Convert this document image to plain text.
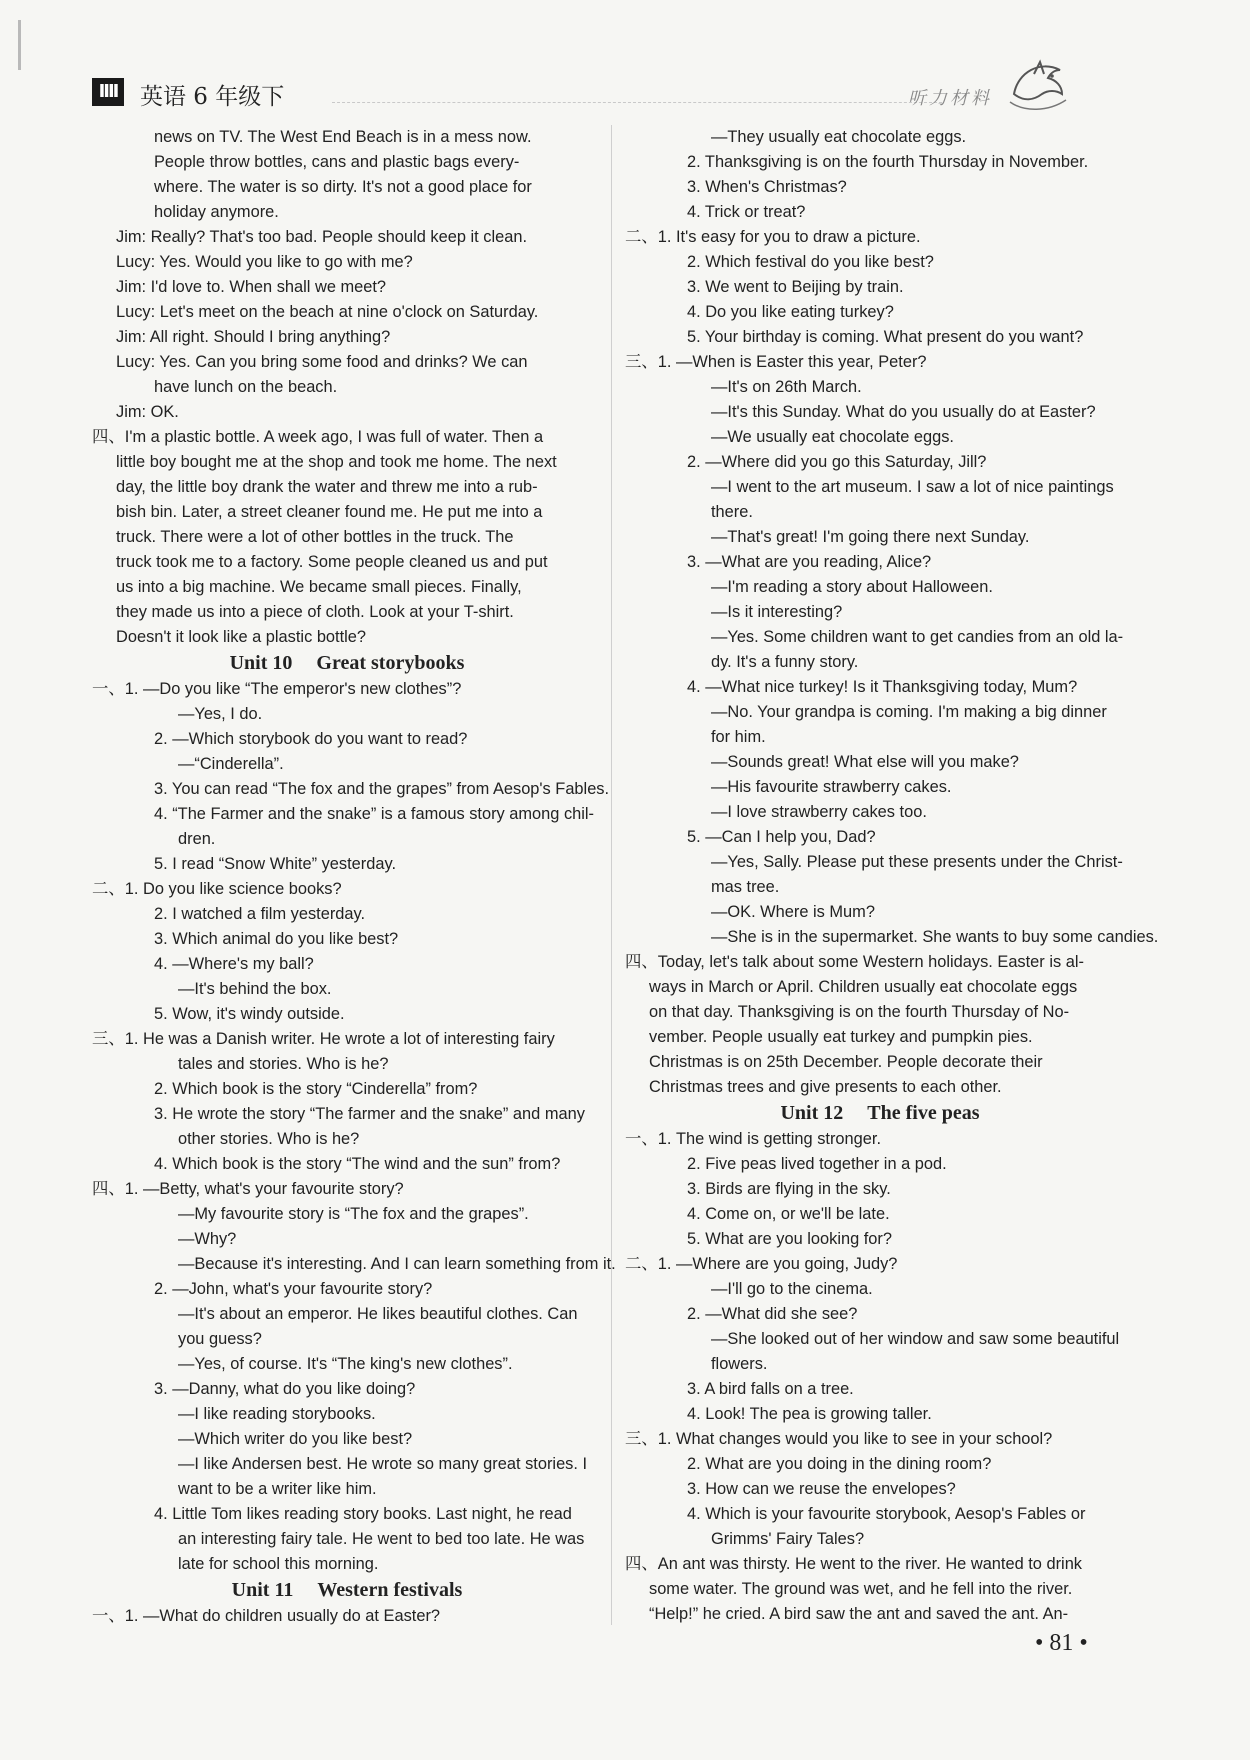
IIII 英语 6 年级下	听力材料
news on TV. The West End Beach is in a mess now.
People throw bottles, cans and plastic bags every-
where. The water is so dirty. It's not a good place for
holiday anymore.
Jim: Really? That's too bad. People should keep it clean.
Lucy: Yes. Would you like to go with me?
Jim: I'd love to. When shall we meet?
Lucy: Let's meet on the beach at nine o'clock on Saturday.
Jim: All right. Should I bring anything?
Lucy: Yes. Can you bring some food and drinks? We can
have lunch on the beach.
Jim: OK.
四、I'm a plastic bottle. A week ago, I was full of water. Then a
little boy bought me at the shop and took me home. The next
day, the little boy drank the water and threw me into a rub-
bish bin. Later, a street cleaner found me. He put me into a
truck. There were a lot of other bottles in the truck. The
truck took me to a factory. Some people cleaned us and put
us into a big machine. We became small pieces. Finally,
they made us into a piece of cloth. Look at your T-shirt.
Doesn't it look like a plastic bottle?
Unit 10 Great storybooks
一、1. —Do you like “The emperor's new clothes”?
—Yes, I do.
2. —Which storybook do you want to read?
—“Cinderella”.
3. You can read “The fox and the grapes” from Aesop's Fables.
4. “The Farmer and the snake” is a famous story among chil-
dren.
5. I read “Snow White” yesterday.
二、1. Do you like science books?
2. I watched a film yesterday.
3. Which animal do you like best?
4. —Where's my ball?
—It's behind the box.
5. Wow, it's windy outside.
三、1. He was a Danish writer. He wrote a lot of interesting fairy
tales and stories. Who is he?
2. Which book is the story “Cinderella” from?
3. He wrote the story “The farmer and the snake” and many
other stories. Who is he?
4. Which book is the story “The wind and the sun” from?
四、1. —Betty, what's your favourite story?
—My favourite story is “The fox and the grapes”.
—Why?
—Because it's interesting. And I can learn something from it.
2. —John, what's your favourite story?
—It's about an emperor. He likes beautiful clothes. Can
you guess?
—Yes, of course. It's “The king's new clothes”.
3. —Danny, what do you like doing?
—I like reading storybooks.
—Which writer do you like best?
—I like Andersen best. He wrote so many great stories. I
want to be a writer like him.
4. Little Tom likes reading story books. Last night, he read
an interesting fairy tale. He went to bed too late. He was
late for school this morning.
Unit 11 Western festivals
一、1. —What do children usually do at Easter?
—They usually eat chocolate eggs.
2. Thanksgiving is on the fourth Thursday in November.
3. When's Christmas?
4. Trick or treat?
二、1. It's easy for you to draw a picture.
2. Which festival do you like best?
3. We went to Beijing by train.
4. Do you like eating turkey?
5. Your birthday is coming. What present do you want?
三、1. —When is Easter this year, Peter?
—It's on 26th March.
—It's this Sunday. What do you usually do at Easter?
—We usually eat chocolate eggs.
2. —Where did you go this Saturday, Jill?
—I went to the art museum. I saw a lot of nice paintings
there.
—That's great! I'm going there next Sunday.
3. —What are you reading, Alice?
—I'm reading a story about Halloween.
—Is it interesting?
—Yes. Some children want to get candies from an old la-
dy. It's a funny story.
4. —What nice turkey! Is it Thanksgiving today, Mum?
—No. Your grandpa is coming. I'm making a big dinner
for him.
—Sounds great! What else will you make?
—His favourite strawberry cakes.
—I love strawberry cakes too.
5. —Can I help you, Dad?
—Yes, Sally. Please put these presents under the Christ-
mas tree.
—OK. Where is Mum?
—She is in the supermarket. She wants to buy some candies.
四、Today, let's talk about some Western holidays. Easter is al-
ways in March or April. Children usually eat chocolate eggs
on that day. Thanksgiving is on the fourth Thursday of No-
vember. People usually eat turkey and pumpkin pies.
Christmas is on 25th December. People decorate their
Christmas trees and give presents to each other.
Unit 12 The five peas
一、1. The wind is getting stronger.
2. Five peas lived together in a pod.
3. Birds are flying in the sky.
4. Come on, or we'll be late.
5. What are you looking for?
二、1. —Where are you going, Judy?
—I'll go to the cinema.
2. —What did she see?
—She looked out of her window and saw some beautiful
flowers.
3. A bird falls on a tree.
4. Look! The pea is growing taller.
三、1. What changes would you like to see in your school?
2. What are you doing in the dining room?
3. How can we reuse the envelopes?
4. Which is your favourite storybook, Aesop's Fables or
Grimms' Fairy Tales?
四、An ant was thirsty. He went to the river. He wanted to drink
some water. The ground was wet, and he fell into the river.
“Help!” he cried. A bird saw the ant and saved the ant. An-
• 81 •
